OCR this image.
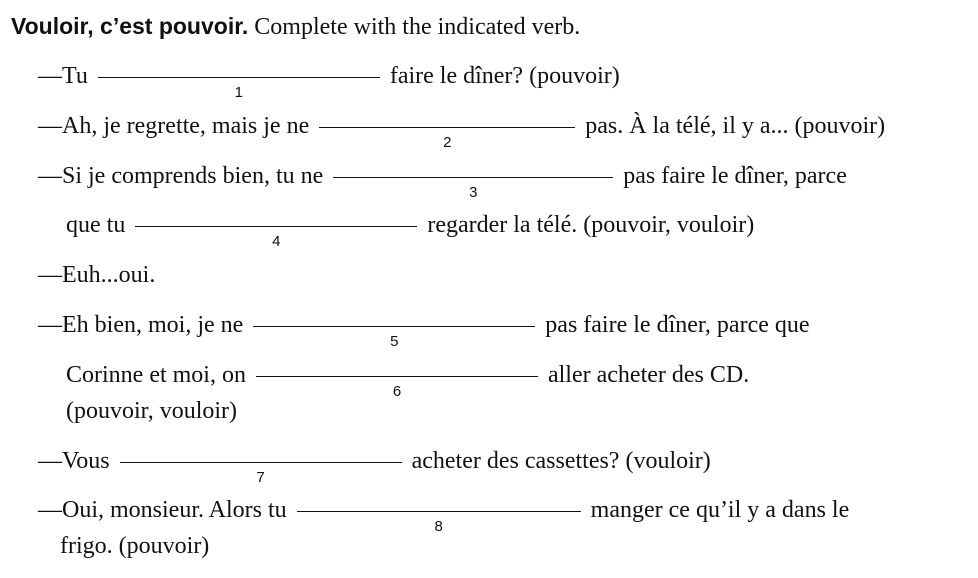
Vouloir, c’est pouvoir. Complete with the indicated verb.
—Tu
1
faire le dîner? (pouvoir)
—Ah, je regrette, mais je ne
2
pas. À la télé, il y a... (pouvoir)
—Si je comprends bien, tu ne
3
pas faire le dîner, parce
que tu
4
regarder la télé. (pouvoir, vouloir)
—Euh...oui.
—Eh bien, moi, je ne
5
pas faire le dîner, parce que
Corinne et moi, on
6
aller acheter des CD.
(pouvoir, vouloir)
—Vous
7
acheter des cassettes? (vouloir)
—Oui, monsieur. Alors tu
8
manger ce qu’il y a dans le
frigo. (pouvoir)
